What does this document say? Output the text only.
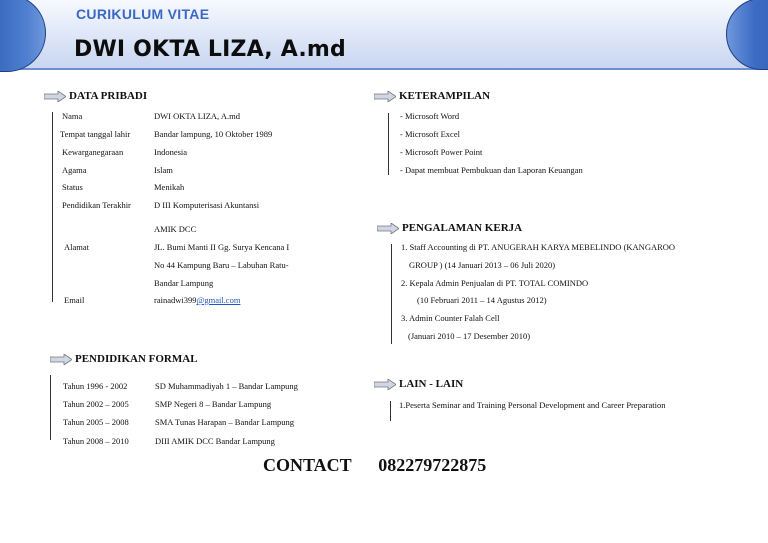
CURIKULUM VITAE
DWI OKTA LIZA, A.md
DATA PRIBADI
Nama	DWI OKTA LIZA, A.md
Tempat tanggal lahir	Bandar lampung, 10 Oktober 1989
Kewarganegaraan	Indonesia
Agama	Islam
Status	Menikah
Pendidikan Terakhir	D III Komputerisasi Akuntansi
AMIK DCC
Alamat	JL. Bumi Manti II Gg. Surya Kencana I
No 44 Kampung Baru – Labuhan Ratu-
Bandar Lampung
Email	rainadwi399@gmail.com
PENDIDIKAN FORMAL
Tahun 1996 - 2002	SD Muhammadiyah 1 – Bandar Lampung
Tahun 2002 – 2005	SMP Negeri 8 – Bandar Lampung
Tahun 2005 – 2008	SMA Tunas Harapan – Bandar Lampung
Tahun 2008 – 2010	DIII AMIK DCC Bandar Lampung
KETERAMPILAN
- Microsoft Word
- Microsoft Excel
- Microsoft Power Point
- Dapat membuat Pembukuan dan Laporan Keuangan
PENGALAMAN KERJA
1. Staff Accounting di PT. ANUGERAH KARYA MEBELINDO (KANGAROO
GROUP ) (14 Januari 2013 – 06 Juli 2020)
2. Kepala Admin Penjualan di PT. TOTAL COMINDO
(10 Februari 2011 – 14 Agustus 2012)
3. Admin Counter Falah Cell
(Januari 2010 – 17 Desember 2010)
LAIN - LAIN
1.Peserta Seminar and Training Personal Development and Career Preparation
CONTACT 082279722875
